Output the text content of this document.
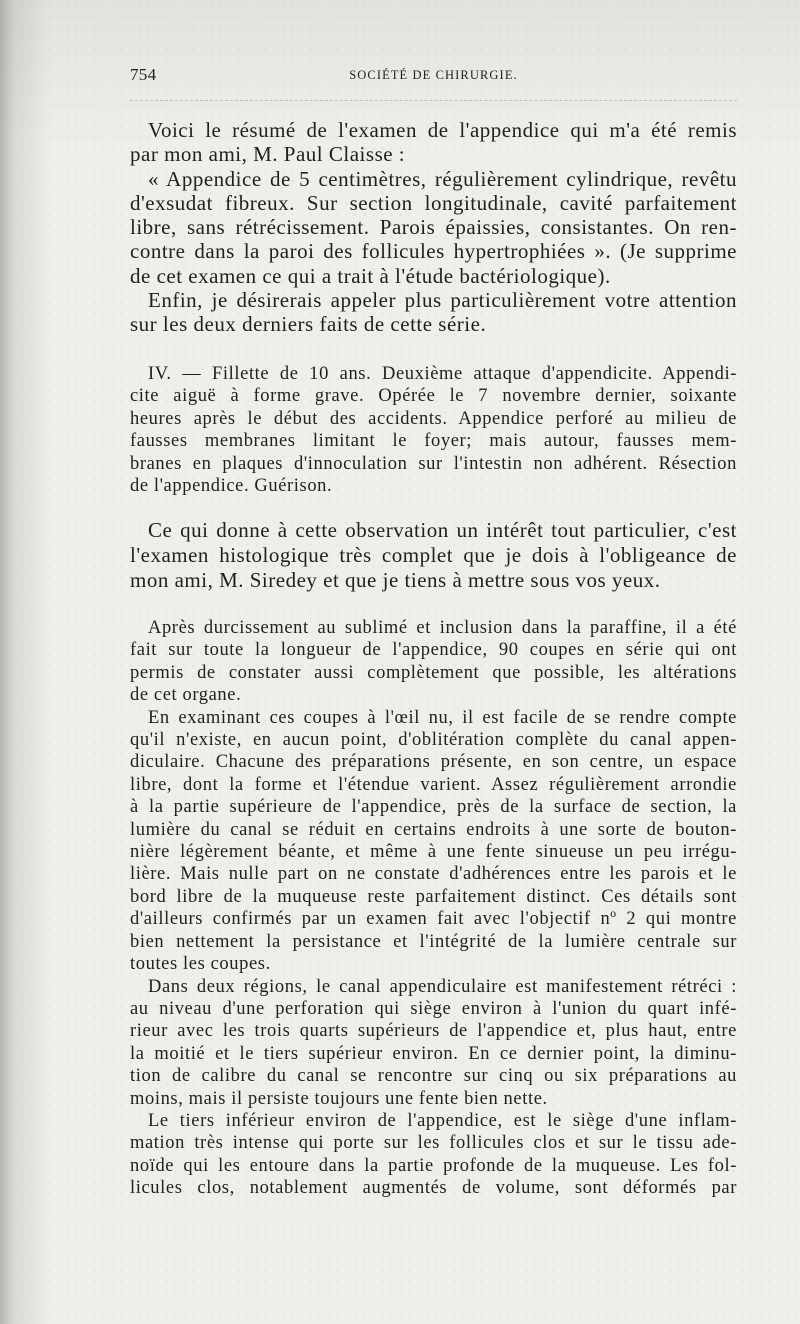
754	SOCIÉTÉ DE CHIRURGIE.
Voici le résumé de l'examen de l'appendice qui m'a été remis
par mon ami, M. Paul Claisse :
« Appendice de 5 centimètres, régulièrement cylindrique, revêtu
d'exsudat fibreux. Sur section longitudinale, cavité parfaitement
libre, sans rétrécissement. Parois épaissies, consistantes. On ren-
contre dans la paroi des follicules hypertrophiées ». (Je supprime
de cet examen ce qui a trait à l'étude bactériologique).
Enfin, je désirerais appeler plus particulièrement votre attention
sur les deux derniers faits de cette série.
IV. — Fillette de 10 ans. Deuxième attaque d'appendicite. Appendi-
cite aiguë à forme grave. Opérée le 7 novembre dernier, soixante
heures après le début des accidents. Appendice perforé au milieu de
fausses membranes limitant le foyer; mais autour, fausses mem-
branes en plaques d'innoculation sur l'intestin non adhérent. Résection
de l'appendice. Guérison.
Ce qui donne à cette observation un intérêt tout particulier, c'est
l'examen histologique très complet que je dois à l'obligeance de
mon ami, M. Siredey et que je tiens à mettre sous vos yeux.
Après durcissement au sublimé et inclusion dans la paraffine, il a été
fait sur toute la longueur de l'appendice, 90 coupes en série qui ont
permis de constater aussi complètement que possible, les altérations
de cet organe.
En examinant ces coupes à l'œil nu, il est facile de se rendre compte
qu'il n'existe, en aucun point, d'oblitération complète du canal appen-
diculaire. Chacune des préparations présente, en son centre, un espace
libre, dont la forme et l'étendue varient. Assez régulièrement arrondie
à la partie supérieure de l'appendice, près de la surface de section, la
lumière du canal se réduit en certains endroits à une sorte de bouton-
nière légèrement béante, et même à une fente sinueuse un peu irrégu-
lière. Mais nulle part on ne constate d'adhérences entre les parois et le
bord libre de la muqueuse reste parfaitement distinct. Ces détails sont
d'ailleurs confirmés par un examen fait avec l'objectif nº 2 qui montre
bien nettement la persistance et l'intégrité de la lumière centrale sur
toutes les coupes.
Dans deux régions, le canal appendiculaire est manifestement rétréci :
au niveau d'une perforation qui siège environ à l'union du quart infé-
rieur avec les trois quarts supérieurs de l'appendice et, plus haut, entre
la moitié et le tiers supérieur environ. En ce dernier point, la diminu-
tion de calibre du canal se rencontre sur cinq ou six préparations au
moins, mais il persiste toujours une fente bien nette.
Le tiers inférieur environ de l'appendice, est le siège d'une inflam-
mation très intense qui porte sur les follicules clos et sur le tissu ade-
noïde qui les entoure dans la partie profonde de la muqueuse. Les fol-
licules clos, notablement augmentés de volume, sont déformés par
